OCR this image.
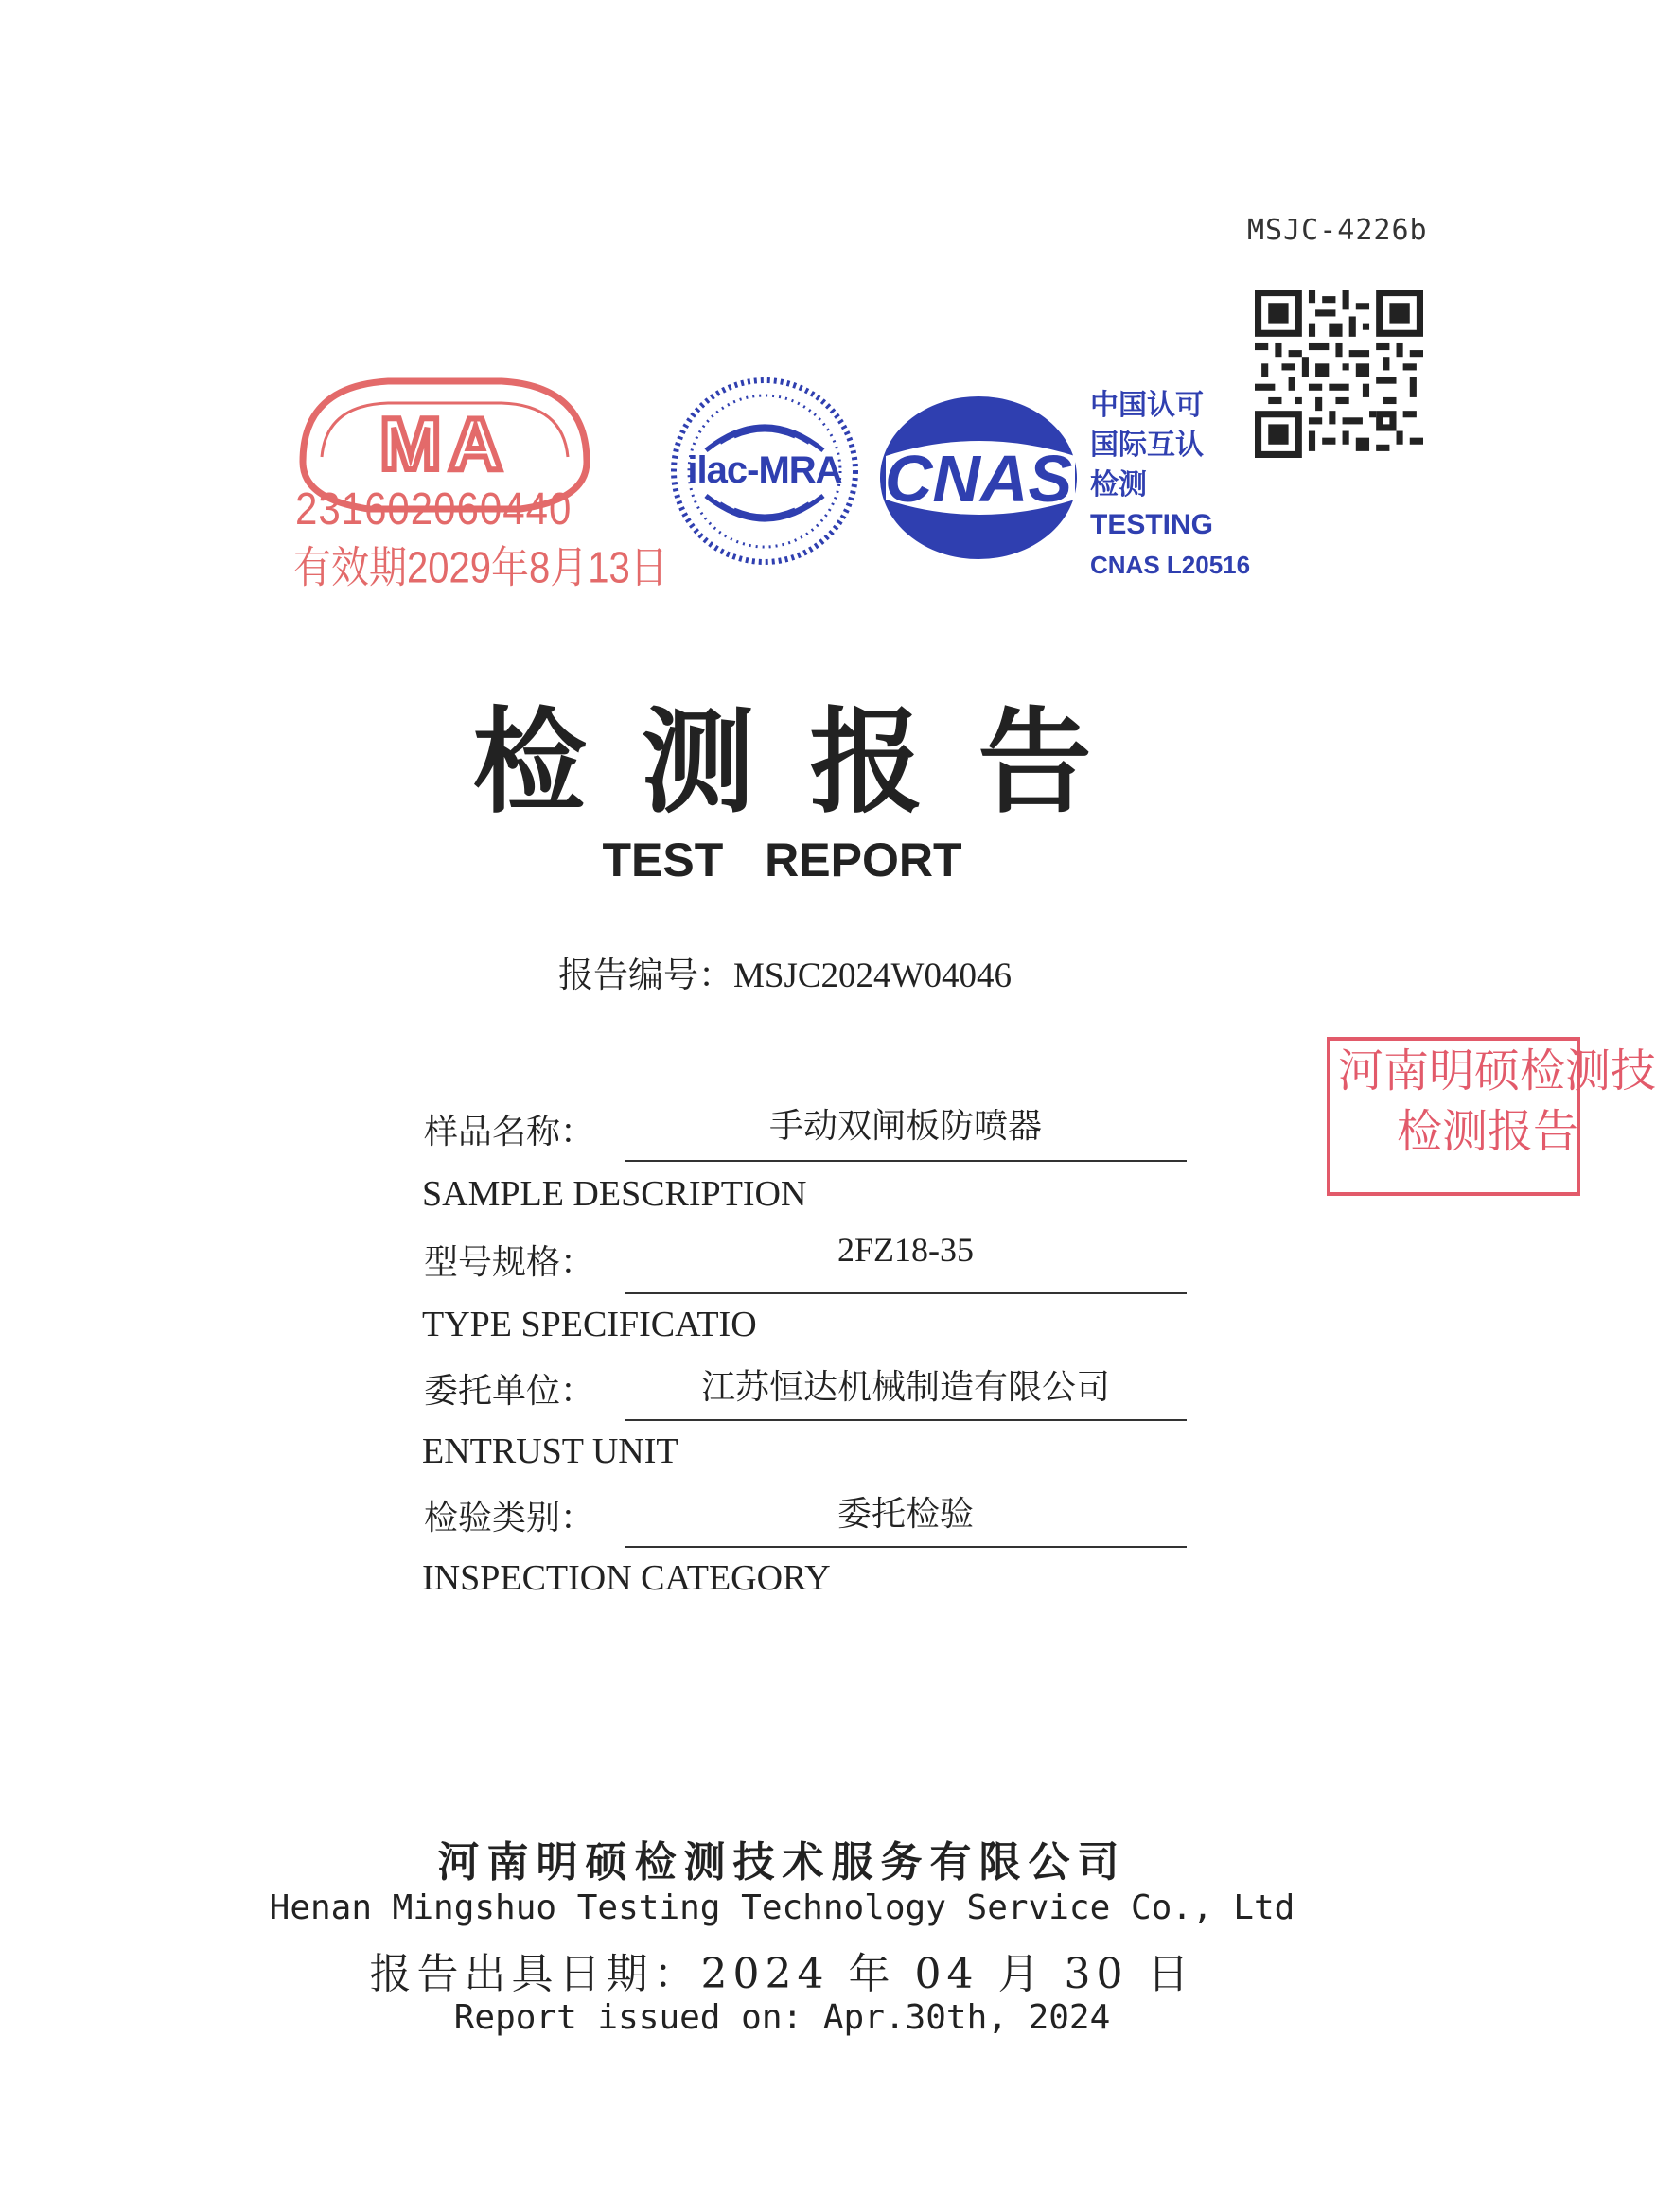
MSJC-4226b
MA
231602060440
有效期2029年8月13日
ilac-MRA CNAS
中国认可
国际互认
检测
TESTING
CNAS L20516
检测报告
TEST REPORT
报告编号：MSJC2024W04046
河南明硕检测技
检测报告
样品名称：	手动双闸板防喷器
SAMPLE DESCRIPTION
型号规格：	2FZ18-35
TYPE SPECIFICATIO
委托单位：	江苏恒达机械制造有限公司
ENTRUST UNIT
检验类别：	委托检验
INSPECTION CATEGORY
河南明硕检测技术服务有限公司
Henan Mingshuo Testing Technology Service Co., Ltd
报告出具日期：2024 年 04 月 30 日
Report issued on: Apr.30th, 2024
